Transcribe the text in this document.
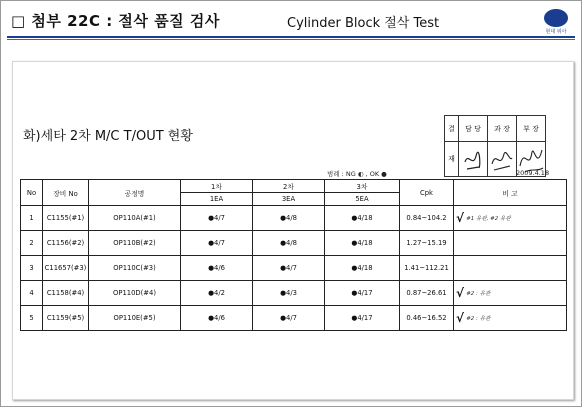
□ 첨부 22C : 절삭 품질 검사	Cylinder Block 절삭 Test
현대 위아
화)세타 2차 M/C T/OUT 현황
결	담 당	과 장	부 장
재	

범례 : NG ◐ , OK ●	2009.4.18
No	장비 No	공정명	1차	2차	3차	Cpk	비 고
			1EA	3EA	5EA		
1	C1155(#1)	OP110A(#1)	●4/7	●4/8	●4/18	0.84~104.2	√ #1 유관, #2 유관
2	C1156(#2)	OP110B(#2)	●4/7	●4/8	●4/18	1.27~15.19	
3	C11657(#3)	OP110C(#3)	●4/6	●4/7	●4/18	1.41~112.21	
4	C1158(#4)	OP110D(#4)	●4/2	●4/3	●4/17	0.87~26.61	√ #2 : 유관
5	C1159(#5)	OP110E(#5)	●4/6	●4/7	●4/17	0.46~16.52	√ #2 : 유관
